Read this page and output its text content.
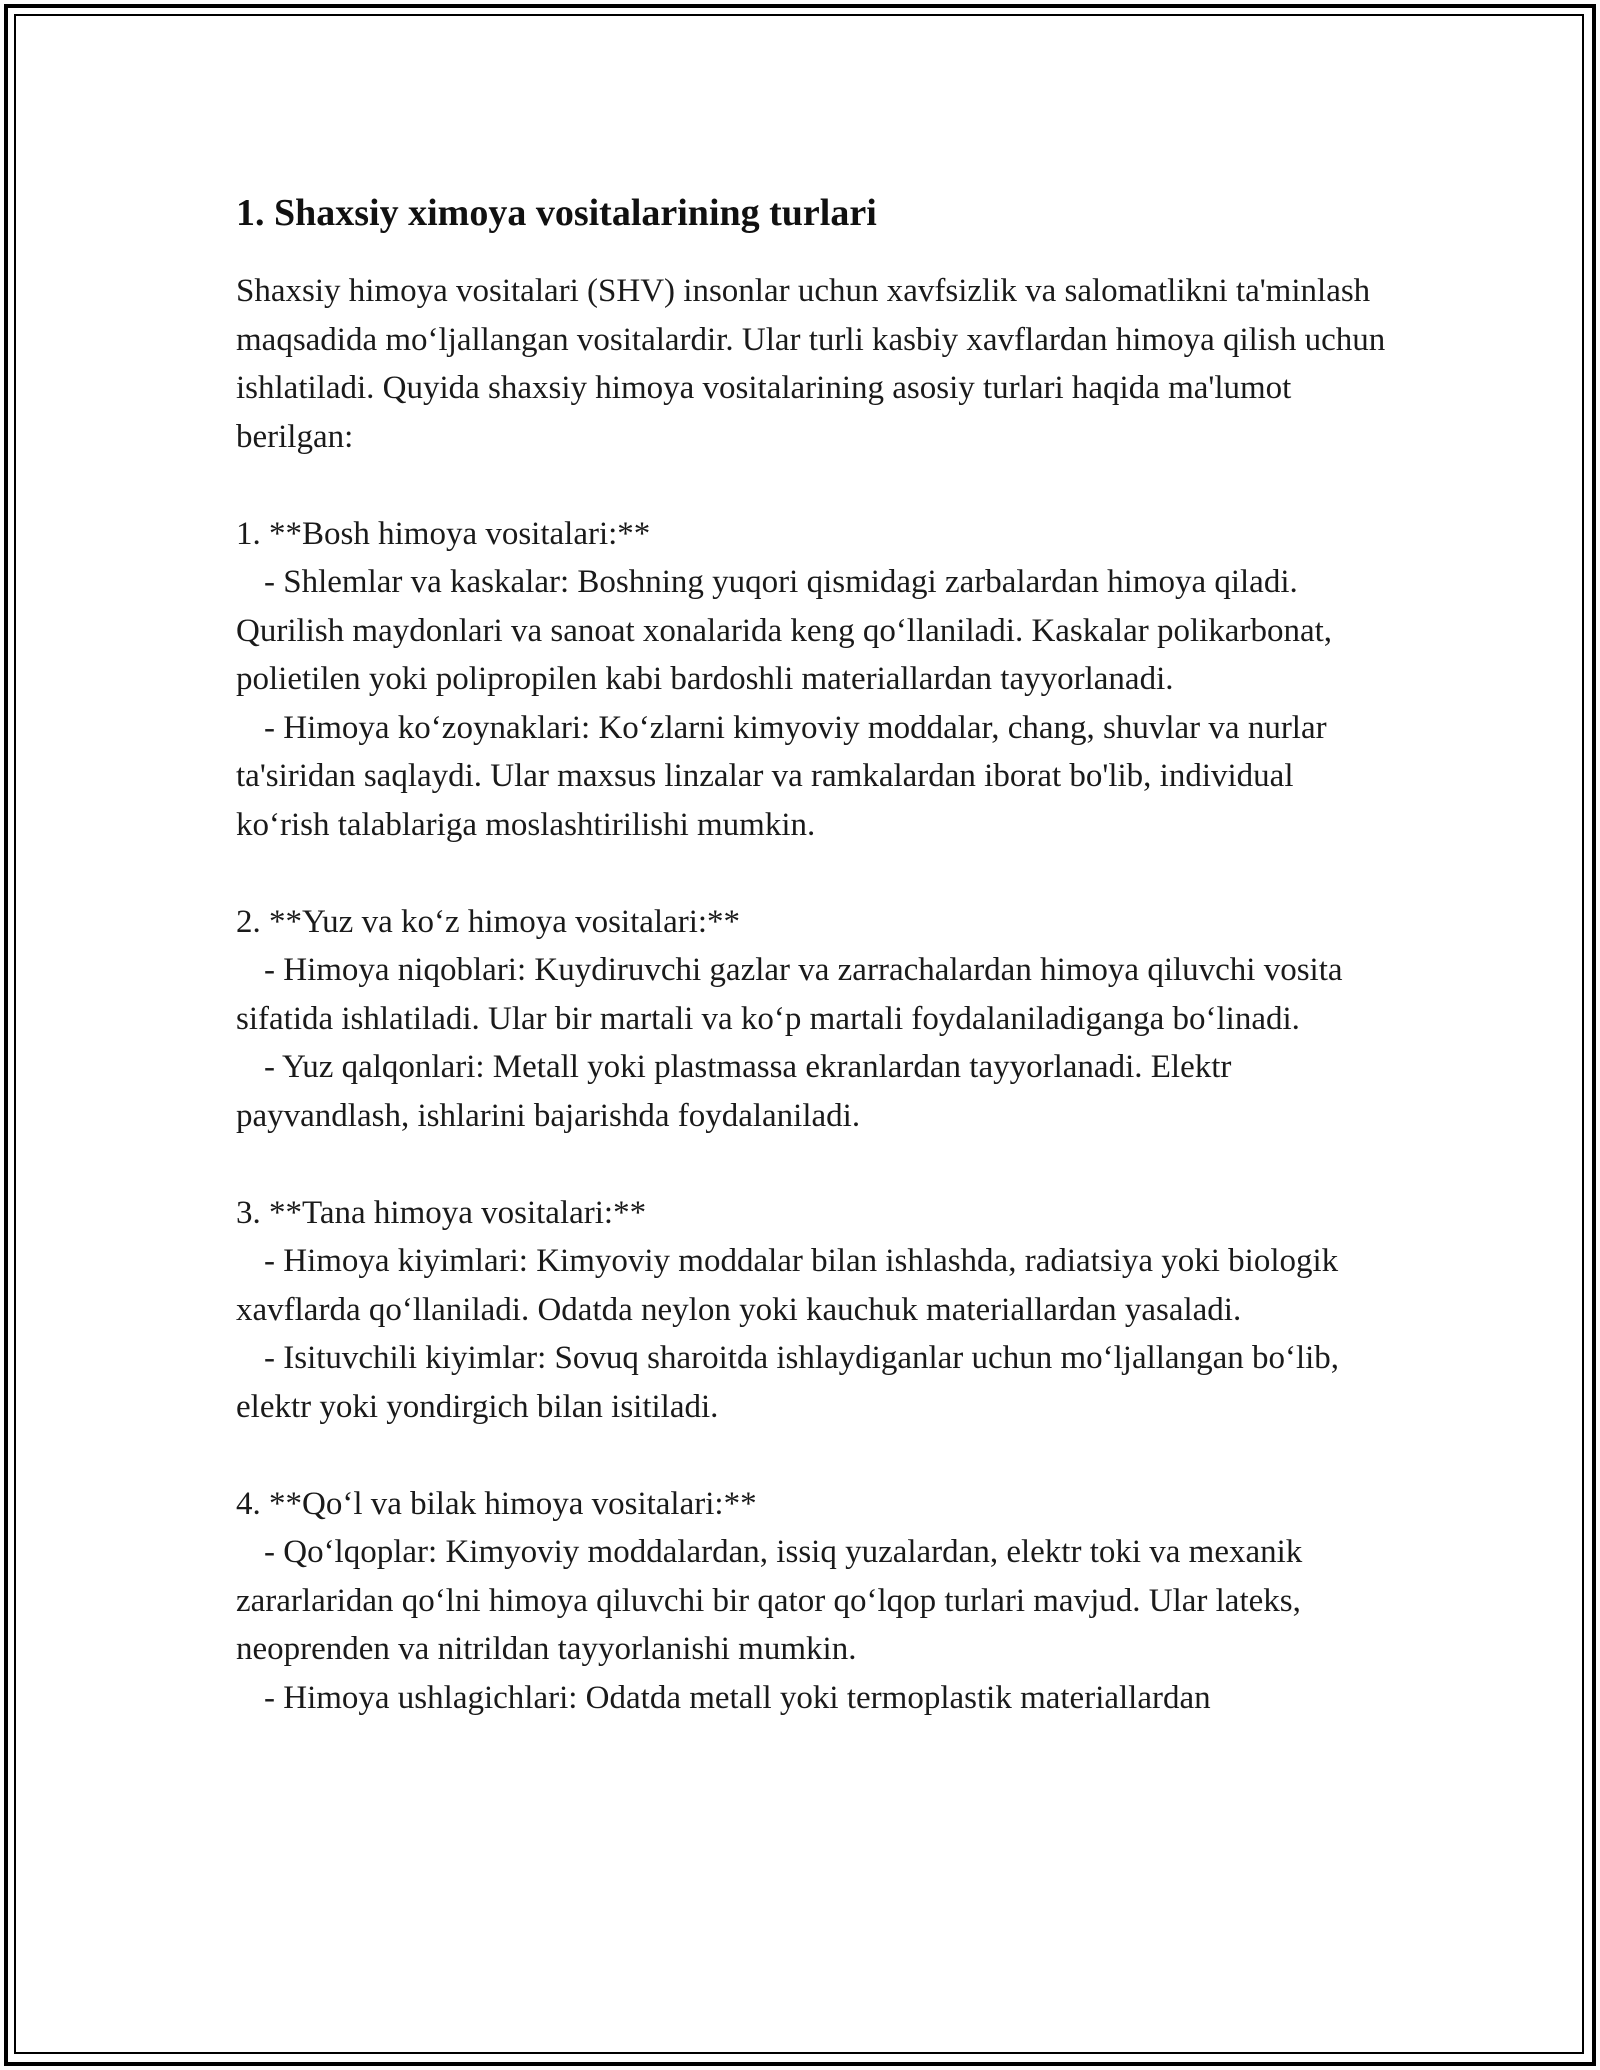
1. Shaxsiy ximoya vositalarining turlari

Shaxsiy himoya vositalari (SHV) insonlar uchun xavfsizlik va salomatlikni ta'minlash maqsadida mo‘ljallangan vositalardir. Ular turli kasbiy xavflardan himoya qilish uchun ishlatiladi. Quyida shaxsiy himoya vositalarining asosiy turlari haqida ma'lumot berilgan:

1. **Bosh himoya vositalari:**

- Shlemlar va kaskalar: Boshning yuqori qismidagi zarbalardan himoya qiladi. Qurilish maydonlari va sanoat xonalarida keng qo‘llaniladi. Kaskalar polikarbonat, polietilen yoki polipropilen kabi bardoshli materiallardan tayyorlanadi.

- Himoya ko‘zoynaklari: Ko‘zlarni kimyoviy moddalar, chang, shuvlar va nurlar ta'siridan saqlaydi. Ular maxsus linzalar va ramkalardan iborat bo'lib, individual ko‘rish talablariga moslashtirilishi mumkin.

2. **Yuz va ko‘z himoya vositalari:**

- Himoya niqoblari: Kuydiruvchi gazlar va zarrachalardan himoya qiluvchi vosita sifatida ishlatiladi. Ular bir martali va ko‘p martali foydalaniladiganga bo‘linadi.

- Yuz qalqonlari: Metall yoki plastmassa ekranlardan tayyorlanadi. Elektr payvandlash, ishlarini bajarishda foydalaniladi.

3. **Tana himoya vositalari:**

- Himoya kiyimlari: Kimyoviy moddalar bilan ishlashda, radiatsiya yoki biologik xavflarda qo‘llaniladi. Odatda neylon yoki kauchuk materiallardan yasaladi.

- Isituvchili kiyimlar: Sovuq sharoitda ishlaydiganlar uchun mo‘ljallangan bo‘lib, elektr yoki yondirgich bilan isitiladi.

4. **Qo‘l va bilak himoya vositalari:**

- Qo‘lqoplar: Kimyoviy moddalardan, issiq yuzalardan, elektr toki va mexanik zararlaridan qo‘lni himoya qiluvchi bir qator qo‘lqop turlari mavjud. Ular lateks, neoprenden va nitrildan tayyorlanishi mumkin.

- Himoya ushlagichlari: Odatda metall yoki termoplastik materiallardan
